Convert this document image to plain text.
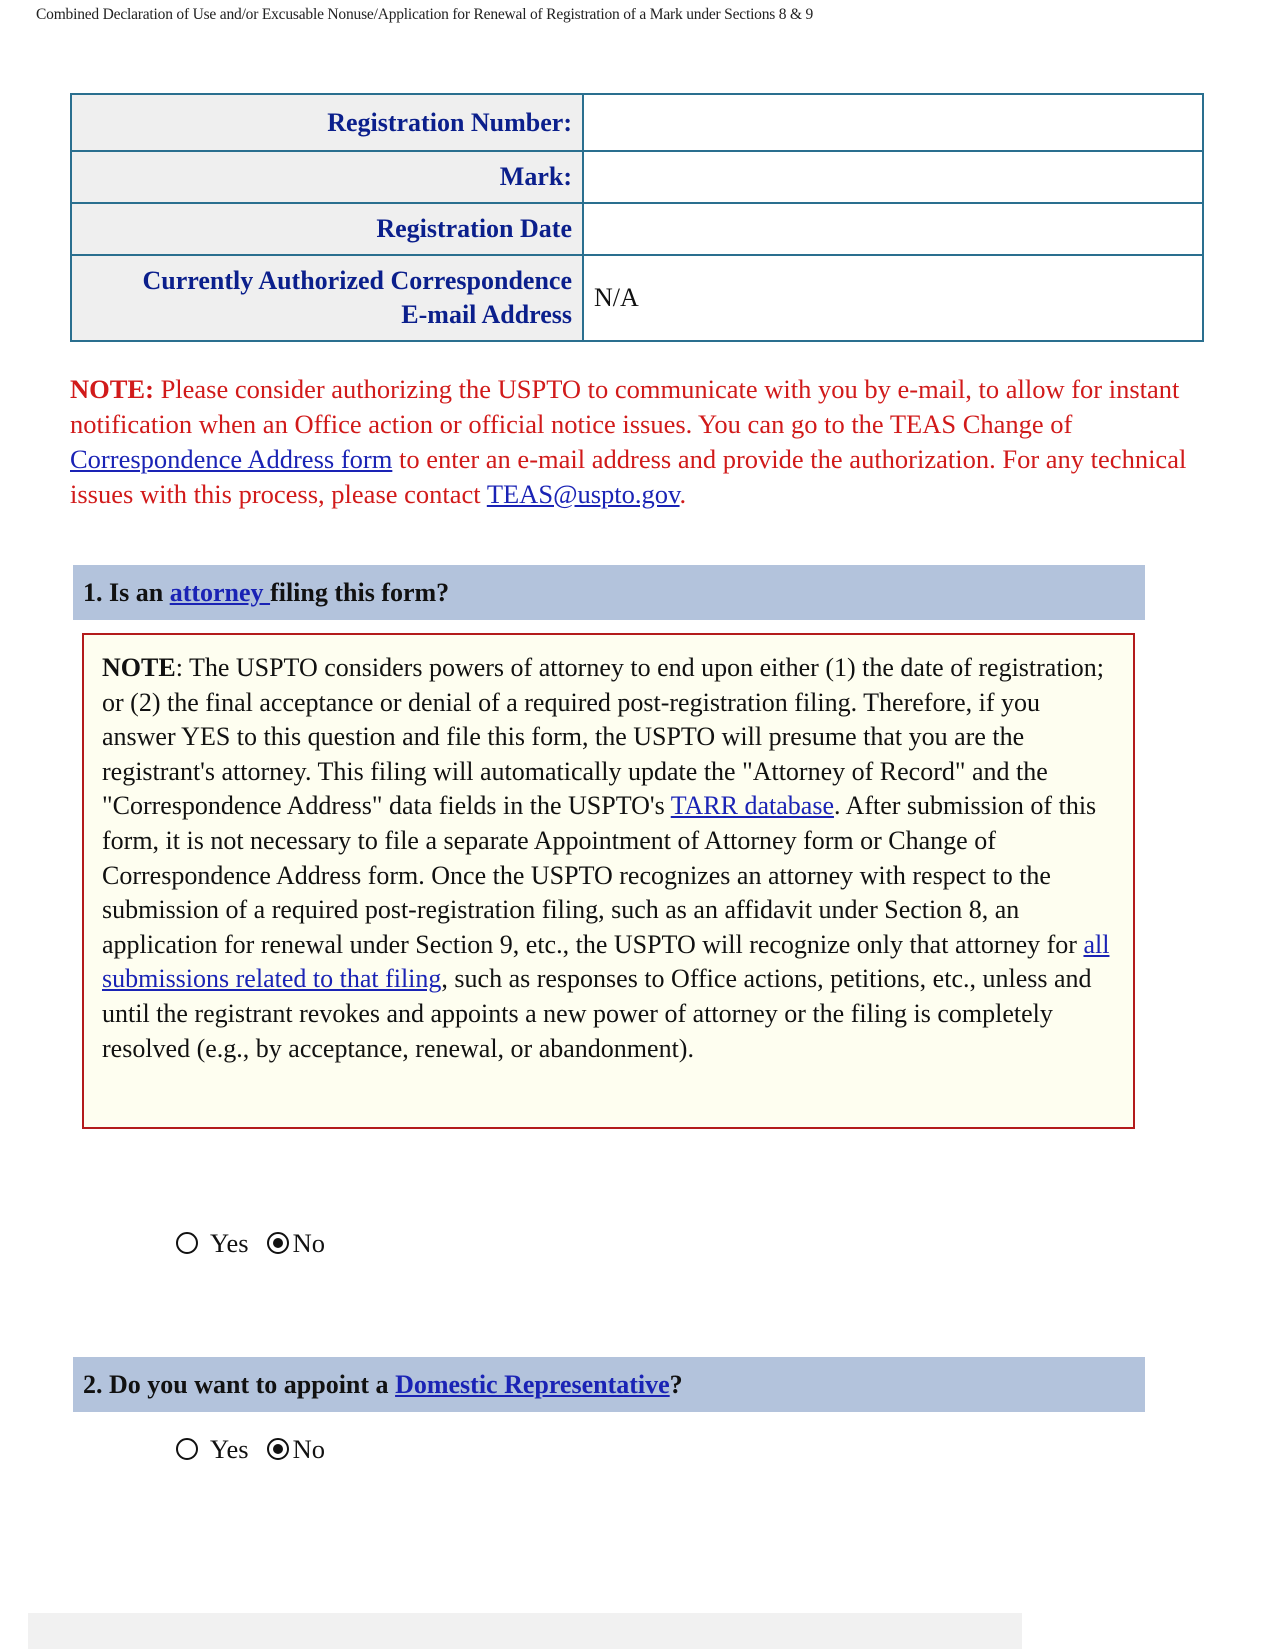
Combined Declaration of Use and/or Excusable Nonuse/Application for Renewal of Registration of a Mark under Sections 8 & 9
Registration Number:	
Mark:	
Registration Date	
Currently Authorized Correspondence
E-mail Address	N/A
NOTE: Please consider authorizing the USPTO to communicate with you by e-mail, to allow for instant notification when an Office action or official notice issues. You can go to the TEAS Change of Correspondence Address form to enter an e-mail address and provide the authorization. For any technical issues with this process, please contact TEAS@uspto.gov.
1. Is an attorney filing this form?
NOTE: The USPTO considers powers of attorney to end upon either (1) the date of registration; or (2) the final acceptance or denial of a required post-registration filing. Therefore, if you answer YES to this question and file this form, the USPTO will presume that you are the registrant's attorney. This filing will automatically update the "Attorney of Record" and the "Correspondence Address" data fields in the USPTO's TARR database. After submission of this form, it is not necessary to file a separate Appointment of Attorney form or Change of Correspondence Address form. Once the USPTO recognizes an attorney with respect to the submission of a required post-registration filing, such as an affidavit under Section 8, an application for renewal under Section 9, etc., the USPTO will recognize only that attorney for all submissions related to that filing, such as responses to Office actions, petitions, etc., unless and until the registrant revokes and appoints a new power of attorney or the filing is completely resolved (e.g., by acceptance, renewal, or abandonment).
Yes No
2. Do you want to appoint a Domestic Representative?
Yes No
